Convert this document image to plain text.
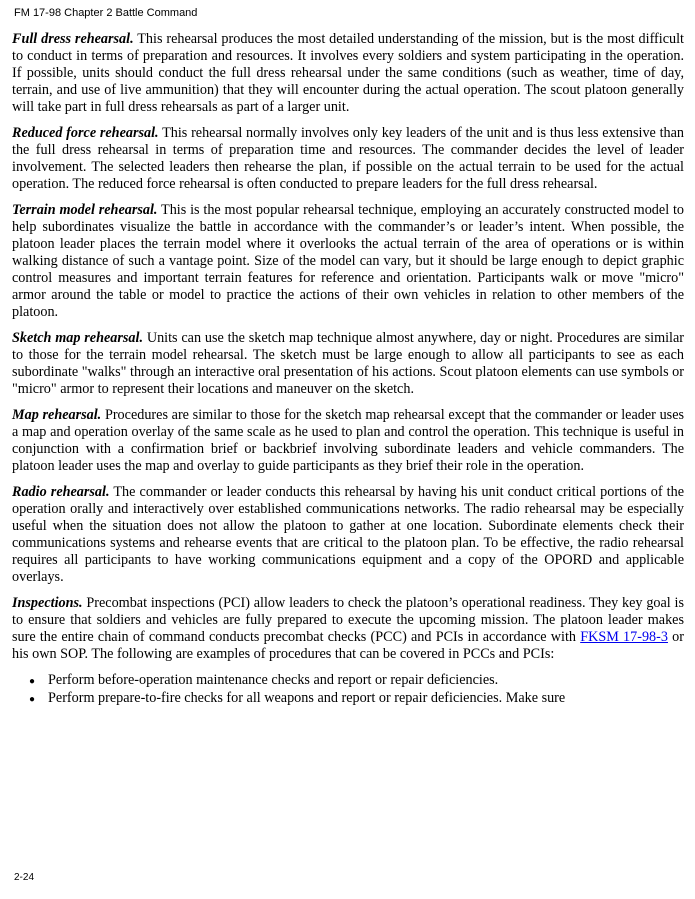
FM 17-98 Chapter 2 Battle Command

Full dress rehearsal. This rehearsal produces the most detailed understanding of the mission, but is the most difficult to conduct in terms of preparation and resources. It involves every soldiers and system participating in the operation. If possible, units should conduct the full dress rehearsal under the same conditions (such as weather, time of day, terrain, and use of live ammunition) that they will encounter during the actual operation. The scout platoon generally will take part in full dress rehearsals as part of a larger unit.

Reduced force rehearsal. This rehearsal normally involves only key leaders of the unit and is thus less extensive than the full dress rehearsal in terms of preparation time and resources. The commander decides the level of leader involvement. The selected leaders then rehearse the plan, if possible on the actual terrain to be used for the actual operation. The reduced force rehearsal is often conducted to prepare leaders for the full dress rehearsal.

Terrain model rehearsal. This is the most popular rehearsal technique, employing an accurately constructed model to help subordinates visualize the battle in accordance with the commander’s or leader’s intent. When possible, the platoon leader places the terrain model where it overlooks the actual terrain of the area of operations or is within walking distance of such a vantage point. Size of the model can vary, but it should be large enough to depict graphic control measures and important terrain features for reference and orientation. Participants walk or move "micro" armor around the table or model to practice the actions of their own vehicles in relation to other members of the platoon.

Sketch map rehearsal. Units can use the sketch map technique almost anywhere, day or night. Procedures are similar to those for the terrain model rehearsal. The sketch must be large enough to allow all participants to see as each subordinate "walks" through an interactive oral presentation of his actions. Scout platoon elements can use symbols or "micro" armor to represent their locations and maneuver on the sketch.

Map rehearsal. Procedures are similar to those for the sketch map rehearsal except that the commander or leader uses a map and operation overlay of the same scale as he used to plan and control the operation. This technique is useful in conjunction with a confirmation brief or backbrief involving subordinate leaders and vehicle commanders. The platoon leader uses the map and overlay to guide participants as they brief their role in the operation.

Radio rehearsal. The commander or leader conducts this rehearsal by having his unit conduct critical portions of the operation orally and interactively over established communications networks. The radio rehearsal may be especially useful when the situation does not allow the platoon to gather at one location. Subordinate elements check their communications systems and rehearse events that are critical to the platoon plan. To be effective, the radio rehearsal requires all participants to have working communications equipment and a copy of the OPORD and applicable overlays.

Inspections. Precombat inspections (PCI) allow leaders to check the platoon’s operational readiness. They key goal is to ensure that soldiers and vehicles are fully prepared to execute the upcoming mission. The platoon leader makes sure the entire chain of command conducts precombat checks (PCC) and PCIs in accordance with FKSM 17-98-3 or his own SOP. The following are examples of procedures that can be covered in PCCs and PCIs:

● Perform before-operation maintenance checks and report or repair deficiencies.
● Perform prepare-to-fire checks for all weapons and report or repair deficiencies. Make sure
2-24
